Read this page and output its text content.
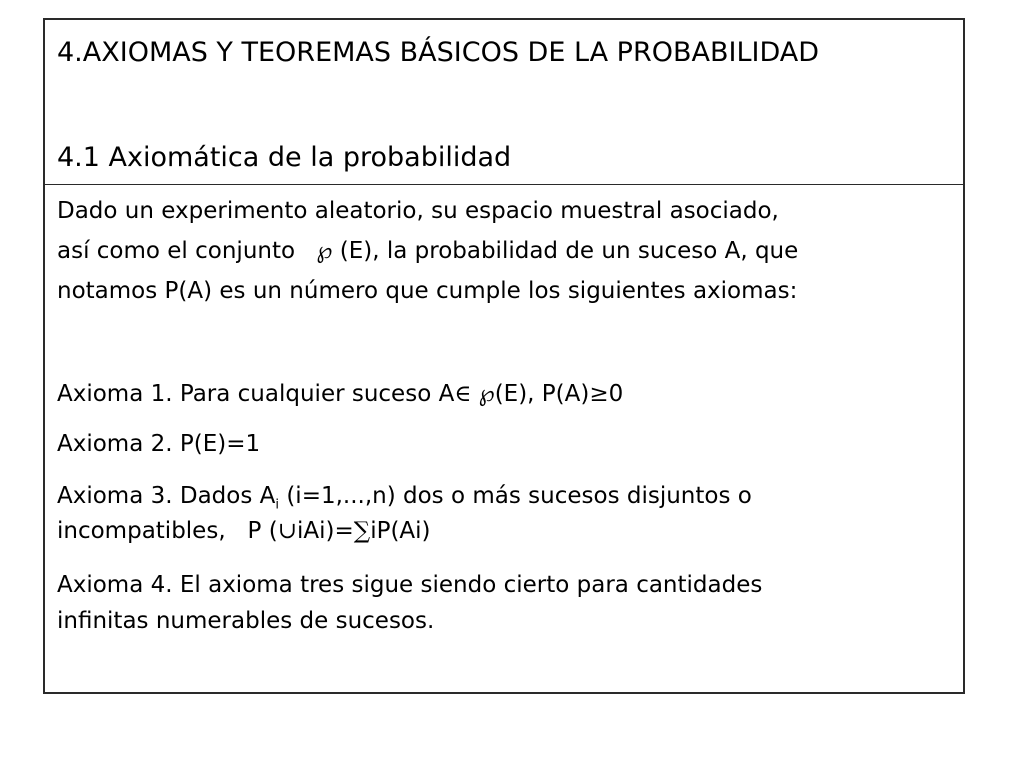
4.AXIOMAS Y TEOREMAS BÁSICOS DE LA PROBABILIDAD
4.1 Axiomática de la probabilidad
Dado un experimento aleatorio, su espacio muestral asociado,
así como el conjunto ℘ (E), la probabilidad de un suceso A, que
notamos P(A) es un número que cumple los siguientes axiomas:
Axioma 1. Para cualquier suceso A∈ ℘(E), P(A)≥0
Axioma 2. P(E)=1
Axioma 3. Dados $A_i$ (i=1,...,n) dos o más sucesos disjuntos o
incompatibles,   P (∪iAi)=∑iP(Ai)
Axioma 4. El axioma tres sigue siendo cierto para cantidades
infinitas numerables de sucesos.
